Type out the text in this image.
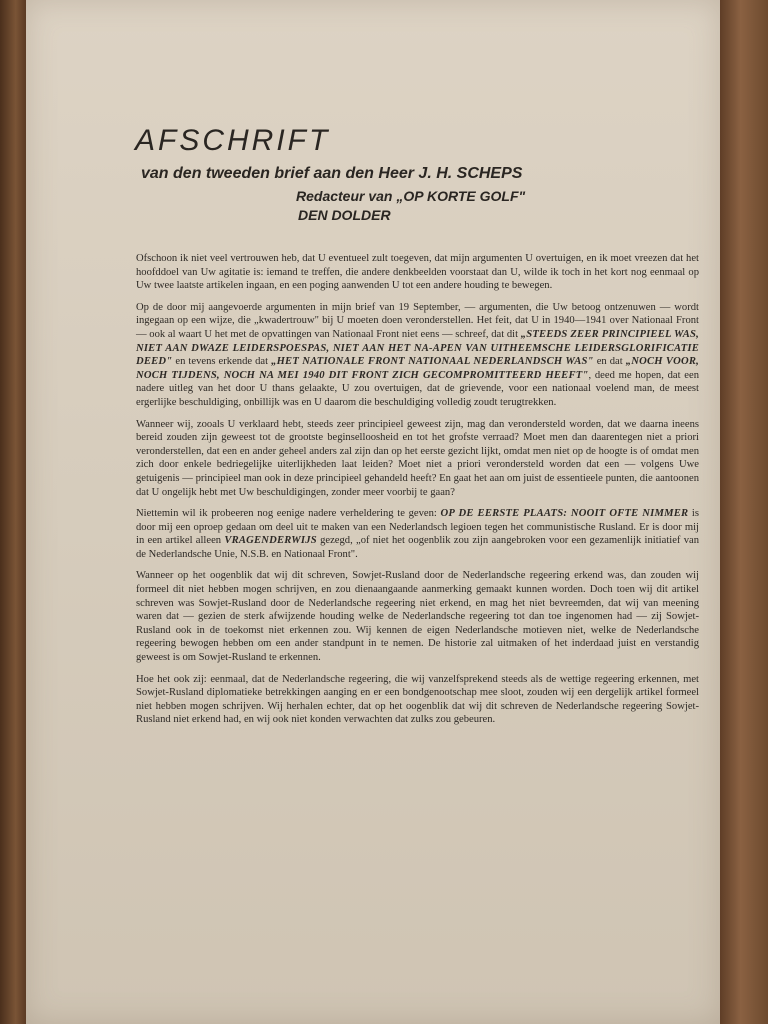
AFSCHRIFT
van den tweeden brief aan den Heer J. H. SCHEPS
Redacteur van „OP KORTE GOLF"
DEN DOLDER

Ofschoon ik niet veel vertrouwen heb, dat U eventueel zult toegeven, dat mijn argumenten U overtuigen, en ik moet vreezen dat het hoofddoel van Uw agitatie is: iemand te treffen, die andere denkbeelden voorstaat dan U, wilde ik toch in het kort nog eenmaal op Uw twee laatste artikelen ingaan, en een poging aanwenden U tot een andere houding te bewegen.

Op de door mij aangevoerde argumenten in mijn brief van 19 September, — argumenten, die Uw betoog ontzenuwen — wordt ingegaan op een wijze, die „kwadertrouw" bij U moeten doen veronderstellen. Het feit, dat U in 1940—1941 over Nationaal Front — ook al waart U het met de opvattingen van Nationaal Front niet eens — schreef, dat dit „STEEDS ZEER PRINCIPIEEL WAS, NIET AAN DWAZE LEIDERSPOESPAS, NIET AAN HET NA-APEN VAN UITHEEMSCHE LEIDERSGLORIFICATIE DEED" en tevens erkende dat „HET NATIONALE FRONT NATIONAAL NEDERLANDSCH WAS" en dat „NOCH VOOR, NOCH TIJDENS, NOCH NA MEI 1940 DIT FRONT ZICH GECOMPROMITTEERD HEEFT", deed me hopen, dat een nadere uitleg van het door U thans gelaakte, U zou overtuigen, dat de grievende, voor een nationaal voelend man, de meest ergerlijke beschuldiging, onbillijk was en U daarom die beschuldiging volledig zoudt terugtrekken.

Wanneer wij, zooals U verklaard hebt, steeds zeer principieel geweest zijn, mag dan verondersteld worden, dat we daarna ineens bereid zouden zijn geweest tot de grootste beginselloosheid en tot het grofste verraad? Moet men dan daarentegen niet a priori veronderstellen, dat een en ander geheel anders zal zijn dan op het eerste gezicht lijkt, omdat men niet op de hoogte is of omdat men zich door enkele bedriegelijke uiterlijkheden laat leiden? Moet niet a priori verondersteld worden dat een — volgens Uwe getuigenis — principieel man ook in deze principieel gehandeld heeft? En gaat het aan om juist de essentieele punten, die aantoonen dat U ongelijk hebt met Uw beschuldigingen, zonder meer voorbij te gaan?

Niettemin wil ik probeeren nog eenige nadere verheldering te geven: OP DE EERSTE PLAATS: NOOIT OFTE NIMMER is door mij een oproep gedaan om deel uit te maken van een Nederlandsch legioen tegen het communistische Rusland. Er is door mij in een artikel alleen VRAGENDERWIJS gezegd, „of niet het oogenblik zou zijn aangebroken voor een gezamenlijk initiatief van de Nederlandsche Unie, N.S.B. en Nationaal Front".

Wanneer op het oogenblik dat wij dit schreven, Sowjet-Rusland door de Nederlandsche regeering erkend was, dan zouden wij formeel dit niet hebben mogen schrijven, en zou dienaangaande aanmerking gemaakt kunnen worden. Doch toen wij dit artikel schreven was Sowjet-Rusland door de Nederlandsche regeering niet erkend, en mag het niet bevreemden, dat wij van meening waren dat — gezien de sterk afwijzende houding welke de Nederlandsche regeering tot dan toe ingenomen had — zij Sowjet-Rusland ook in de toekomst niet erkennen zou. Wij kennen de eigen Nederlandsche motieven niet, welke de Nederlandsche regeering bewogen hebben om een ander standpunt in te nemen. De historie zal uitmaken of het inderdaad juist en verstandig geweest is om Sowjet-Rusland te erkennen.

Hoe het ook zij: eenmaal, dat de Nederlandsche regeering, die wij vanzelfsprekend steeds als de wettige regeering erkennen, met Sowjet-Rusland diplomatieke betrekkingen aanging en er een bondgenootschap mee sloot, zouden wij een dergelijk artikel formeel niet hebben mogen schrijven. Wij herhalen echter, dat op het oogenblik dat wij dit schreven de Nederlandsche regeering Sowjet-Rusland niet erkend had, en wij ook niet konden verwachten dat zulks zou gebeuren.
